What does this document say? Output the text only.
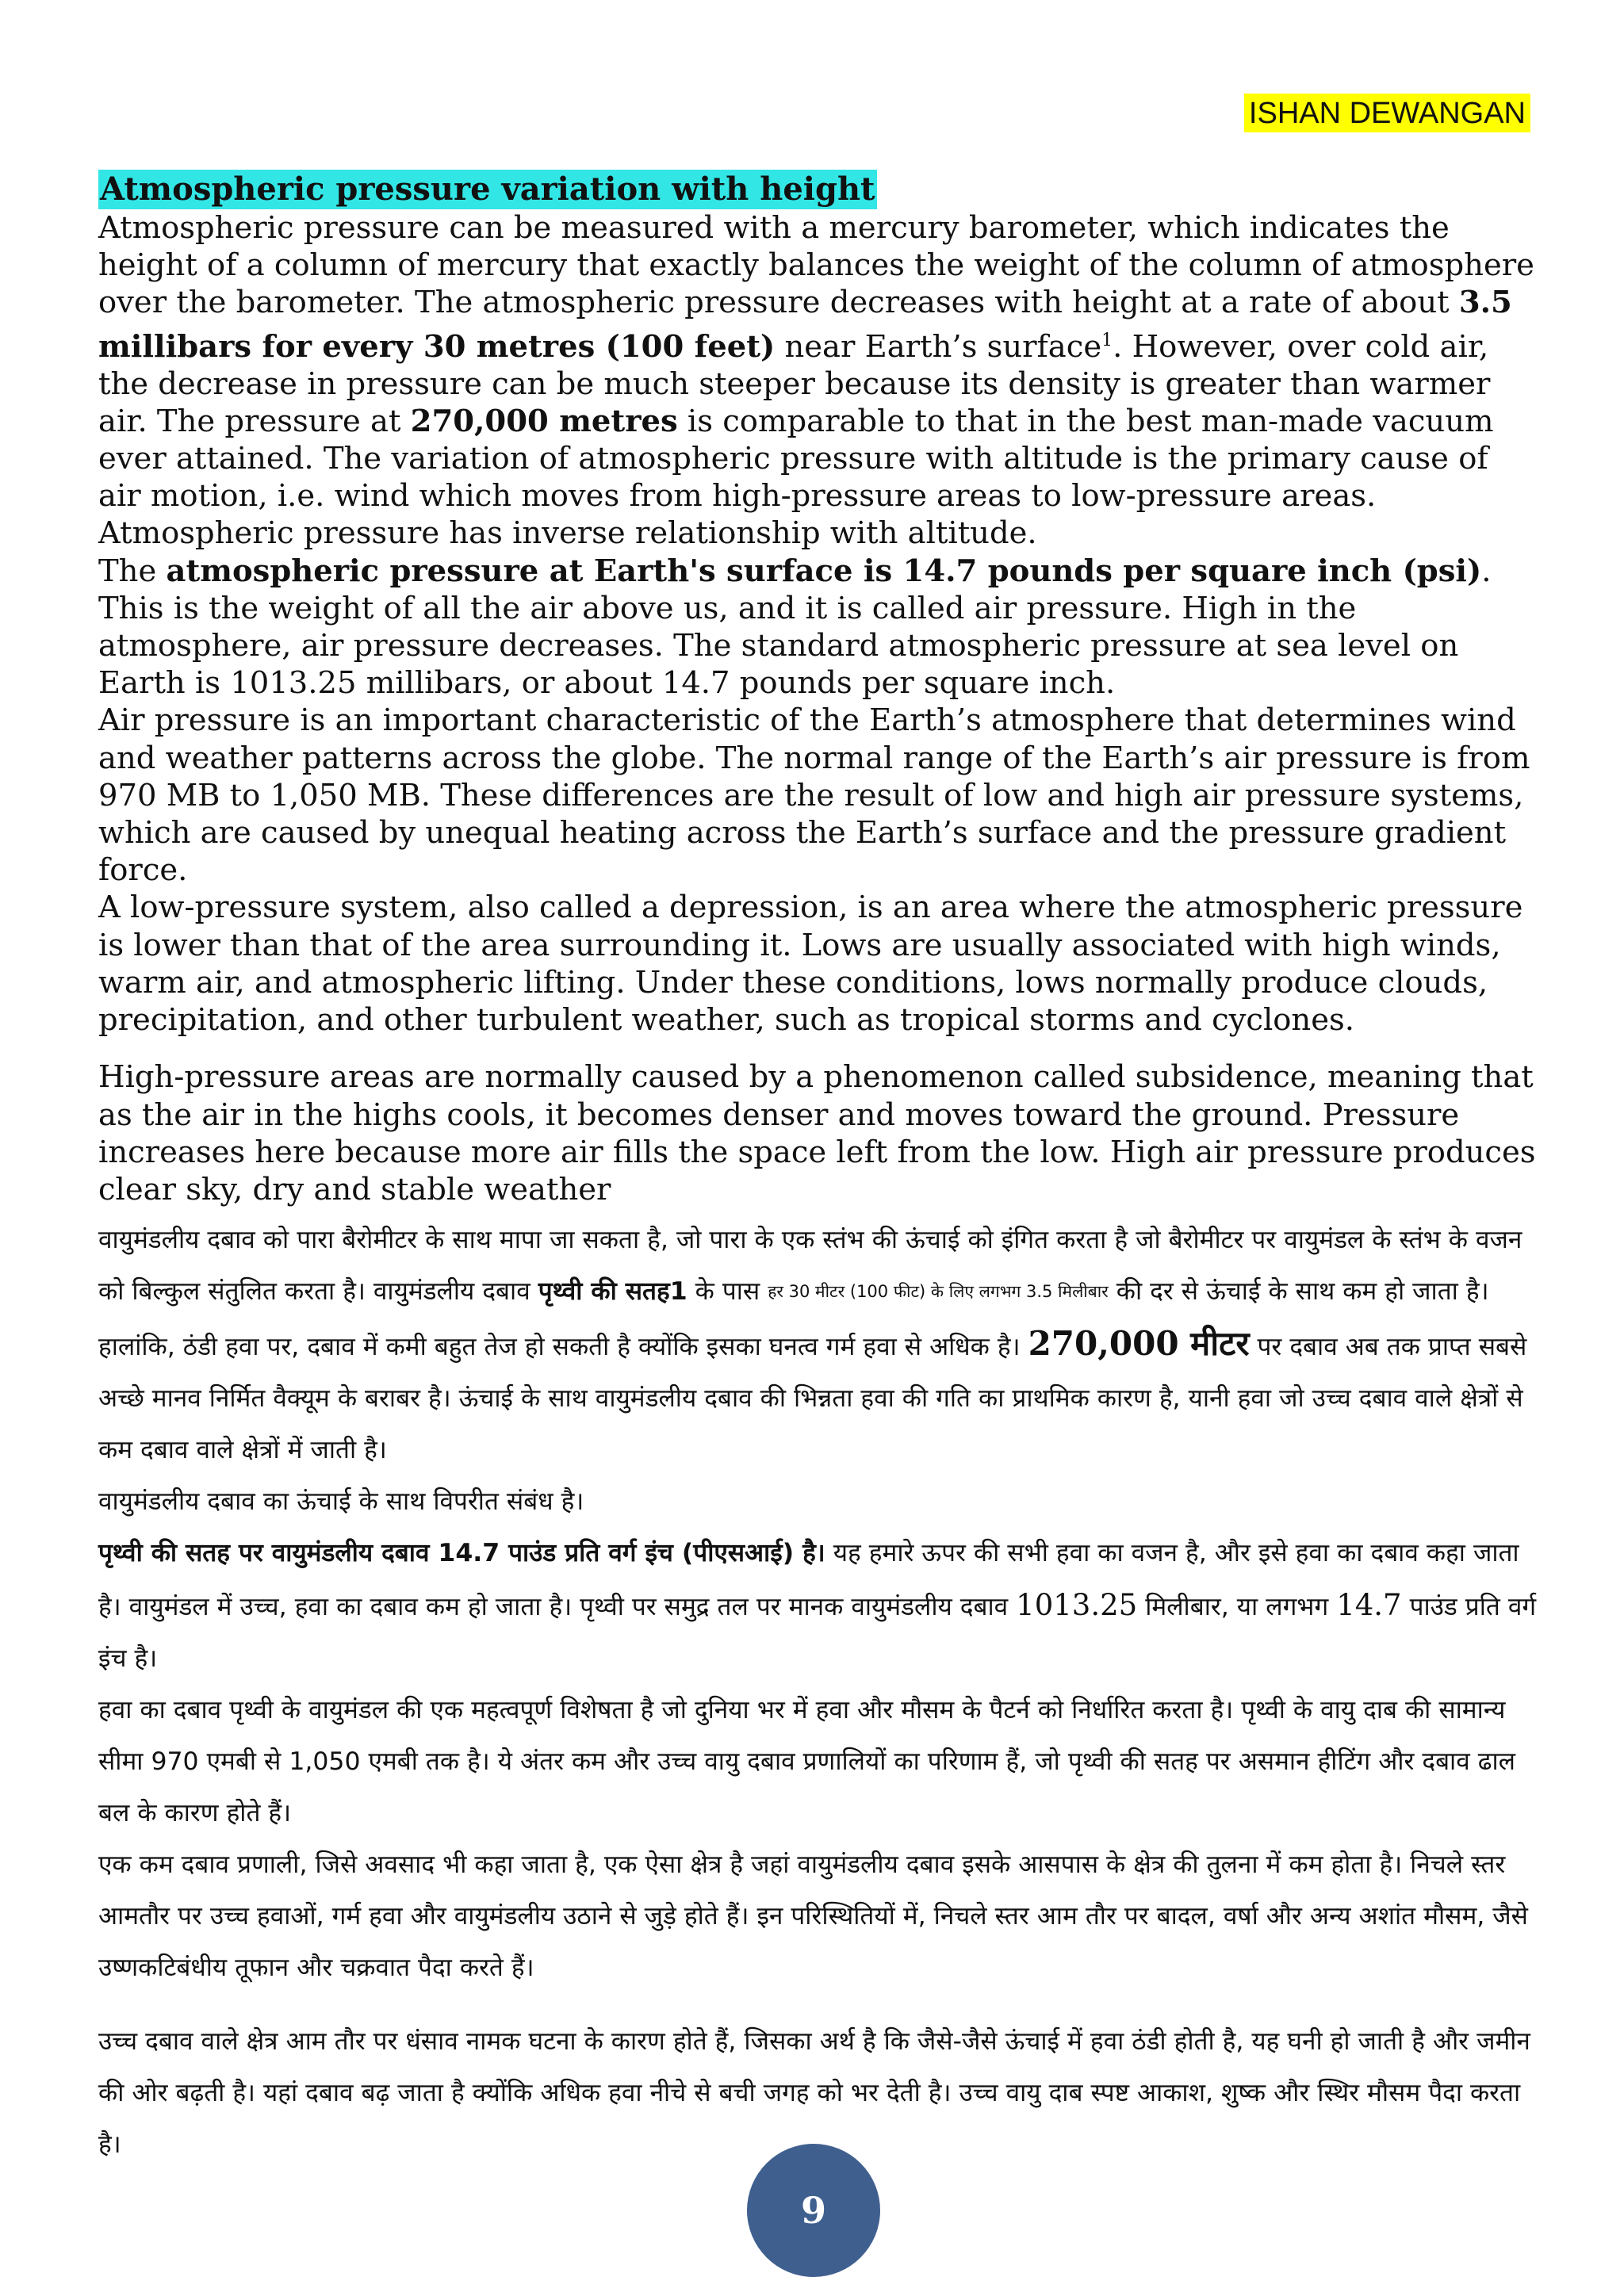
ISHAN DEWANGAN
Atmospheric pressure variation with height

Atmospheric pressure can be measured with a mercury barometer, which indicates the height of a column of mercury that exactly balances the weight of the column of atmosphere over the barometer. The atmospheric pressure decreases with height at a rate of about 3.5 millibars for every 30 metres (100 feet) near Earth’s surface$^1$. However, over cold air, the decrease in pressure can be much steeper because its density is greater than warmer air. The pressure at 270,000 metres is comparable to that in the best man-made vacuum ever attained. The variation of atmospheric pressure with altitude is the primary cause of air motion, i.e. wind which moves from high-pressure areas to low-pressure areas.

Atmospheric pressure has inverse relationship with altitude.

The atmospheric pressure at Earth's surface is 14.7 pounds per square inch (psi). This is the weight of all the air above us, and it is called air pressure. High in the atmosphere, air pressure decreases. The standard atmospheric pressure at sea level on Earth is 1013.25 millibars, or about 14.7 pounds per square inch.

Air pressure is an important characteristic of the Earth’s atmosphere that determines wind and weather patterns across the globe. The normal range of the Earth’s air pressure is from 970 MB to 1,050 MB. These differences are the result of low and high air pressure systems, which are caused by unequal heating across the Earth’s surface and the pressure gradient force.

A low-pressure system, also called a depression, is an area where the atmospheric pressure is lower than that of the area surrounding it. Lows are usually associated with high winds, warm air, and atmospheric lifting. Under these conditions, lows normally produce clouds, precipitation, and other turbulent weather, such as tropical storms and cyclones.

High-pressure areas are normally caused by a phenomenon called subsidence, meaning that as the air in the highs cools, it becomes denser and moves toward the ground. Pressure increases here because more air fills the space left from the low. High air pressure produces clear sky, dry and stable weather

वायुमंडलीय दबाव को पारा बैरोमीटर के साथ मापा जा सकता है, जो पारा के एक स्तंभ की ऊंचाई को इंगित करता है जो बैरोमीटर पर वायुमंडल के स्तंभ के वजन को बिल्कुल संतुलित करता है। वायुमंडलीय दबाव पृथ्वी की सतह1 के पास $^{हर 30 मीटर (100 फीट) के लिए लगभग 3.5 मिलीबार}$ की दर से ऊंचाई के साथ कम हो जाता है। हालांकि, ठंडी हवा पर, दबाव में कमी बहुत तेज हो सकती है क्योंकि इसका घनत्व गर्म हवा से अधिक है। 270,000 मीटर पर दबाव अब तक प्राप्त सबसे अच्छे मानव निर्मित वैक्यूम के बराबर है। ऊंचाई के साथ वायुमंडलीय दबाव की भिन्नता हवा की गति का प्राथमिक कारण है, यानी हवा जो उच्च दबाव वाले क्षेत्रों से कम दबाव वाले क्षेत्रों में जाती है।

वायुमंडलीय दबाव का ऊंचाई के साथ विपरीत संबंध है।

पृथ्वी की सतह पर वायुमंडलीय दबाव 14.7 पाउंड प्रति वर्ग इंच (पीएसआई) है। यह हमारे ऊपर की सभी हवा का वजन है, और इसे हवा का दबाव कहा जाता है। वायुमंडल में उच्च, हवा का दबाव कम हो जाता है। पृथ्वी पर समुद्र तल पर मानक वायुमंडलीय दबाव 1013.25 मिलीबार, या लगभग 14.7 पाउंड प्रति वर्ग इंच है।

हवा का दबाव पृथ्वी के वायुमंडल की एक महत्वपूर्ण विशेषता है जो दुनिया भर में हवा और मौसम के पैटर्न को निर्धारित करता है। पृथ्वी के वायु दाब की सामान्य सीमा 970 एमबी से 1,050 एमबी तक है। ये अंतर कम और उच्च वायु दबाव प्रणालियों का परिणाम हैं, जो पृथ्वी की सतह पर असमान हीटिंग और दबाव ढाल बल के कारण होते हैं।

एक कम दबाव प्रणाली, जिसे अवसाद भी कहा जाता है, एक ऐसा क्षेत्र है जहां वायुमंडलीय दबाव इसके आसपास के क्षेत्र की तुलना में कम होता है। निचले स्तर आमतौर पर उच्च हवाओं, गर्म हवा और वायुमंडलीय उठाने से जुड़े होते हैं। इन परिस्थितियों में, निचले स्तर आम तौर पर बादल, वर्षा और अन्य अशांत मौसम, जैसे उष्णकटिबंधीय तूफान और चक्रवात पैदा करते हैं।

उच्च दबाव वाले क्षेत्र आम तौर पर धंसाव नामक घटना के कारण होते हैं, जिसका अर्थ है कि जैसे-जैसे ऊंचाई में हवा ठंडी होती है, यह घनी हो जाती है और जमीन की ओर बढ़ती है। यहां दबाव बढ़ जाता है क्योंकि अधिक हवा नीचे से बची जगह को भर देती है। उच्च वायु दाब स्पष्ट आकाश, शुष्क और स्थिर मौसम पैदा करता है।

9
